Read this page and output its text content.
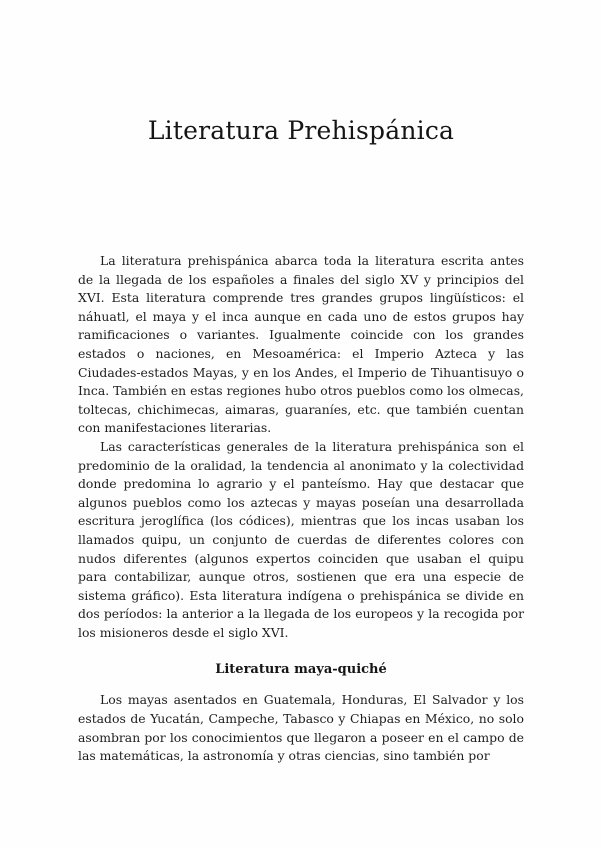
Literatura Prehispánica

La literatura prehispánica abarca toda la literatura escrita antes de la llegada de los españoles a finales del siglo XV y principios del XVI. Esta literatura comprende tres grandes grupos lingüísticos: el náhuatl, el maya y el inca aunque en cada uno de estos grupos hay ramificaciones o variantes. Igualmente coincide con los grandes estados o naciones, en Mesoamérica: el Imperio Azteca y las Ciudades-estados Mayas, y en los Andes, el Imperio de Tihuantisuyo o Inca. También en estas regiones hubo otros pueblos como los olmecas, toltecas, chichimecas, aimaras, guaraníes, etc. que también cuentan con manifestaciones literarias.

Las características generales de la literatura prehispánica son el predominio de la oralidad, la tendencia al anonimato y la colectividad donde predomina lo agrario y el panteísmo. Hay que destacar que algunos pueblos como los aztecas y mayas poseían una desarrollada escritura jeroglífica (los códices), mientras que los incas usaban los llamados quipu, un conjunto de cuerdas de diferentes colores con nudos diferentes (algunos expertos coinciden que usaban el quipu para contabilizar, aunque otros, sostienen que era una especie de sistema gráfico). Esta literatura indígena o prehispánica se divide en dos períodos: la anterior a la llegada de los europeos y la recogida por los misioneros desde el siglo XVI.

Literatura maya-quiché

Los mayas asentados en Guatemala, Honduras, El Salvador y los estados de Yucatán, Campeche, Tabasco y Chiapas en México, no solo asombran por los conocimientos que llegaron a poseer en el campo de las matemáticas, la astronomía y otras ciencias, sino también por
